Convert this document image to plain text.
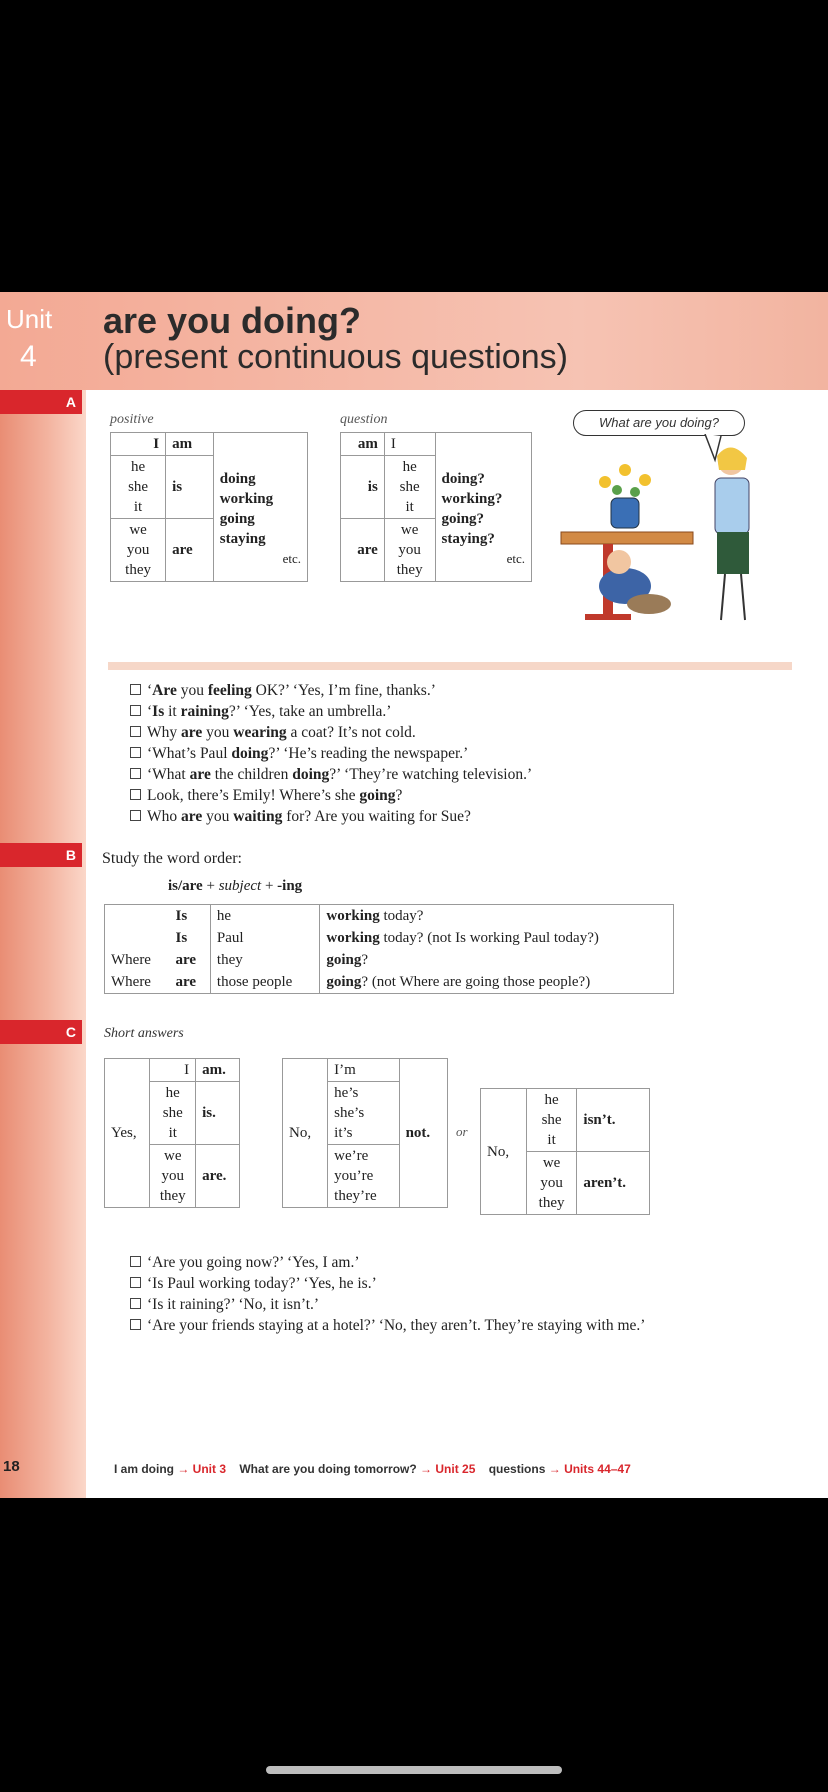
Unit
4
are you doing?
(present continuous questions)
A
positive	question
I	am	doing
working
going
staying
etc.

he
she
it	is	
we
you
they	are	
am	I	doing?
working?
going?
staying?
etc.

is	he
she
it	
are	we
you
they	
What are you doing?
‘Are you feeling OK?’ ‘Yes, I’m fine, thanks.’
‘Is it raining?’ ‘Yes, take an umbrella.’
Why are you wearing a coat? It’s not cold.
‘What’s Paul doing?’ ‘He’s reading the newspaper.’
‘What are the children doing?’ ‘They’re watching television.’
Look, there’s Emily! Where’s she going?
Who are you waiting for? Are you waiting for Sue?
B	Study the word order:
is/are + subject + -ing
	Is	he	working today?
	Is	Paul	working today? (not Is working Paul today?)
Where	are	they	going?
Where	are	those people	going? (not Where are going those people?)
C	Short answers
Yes,	I	am.
	he
she
it	is.
	we
you
they	are.
No,	I’m	not.
he’s
she’s
it’s
we’re
you’re
they’re
or
No,	he
she
it	isn’t.
	we
you
they	aren’t.
‘Are you going now?’ ‘Yes, I am.’
‘Is Paul working today?’ ‘Yes, he is.’
‘Is it raining?’ ‘No, it isn’t.’
‘Are your friends staying at a hotel?’ ‘No, they aren’t. They’re staying with me.’
18	I am doing → Unit 3 What are you doing tomorrow? → Unit 25 questions → Units 44–47
